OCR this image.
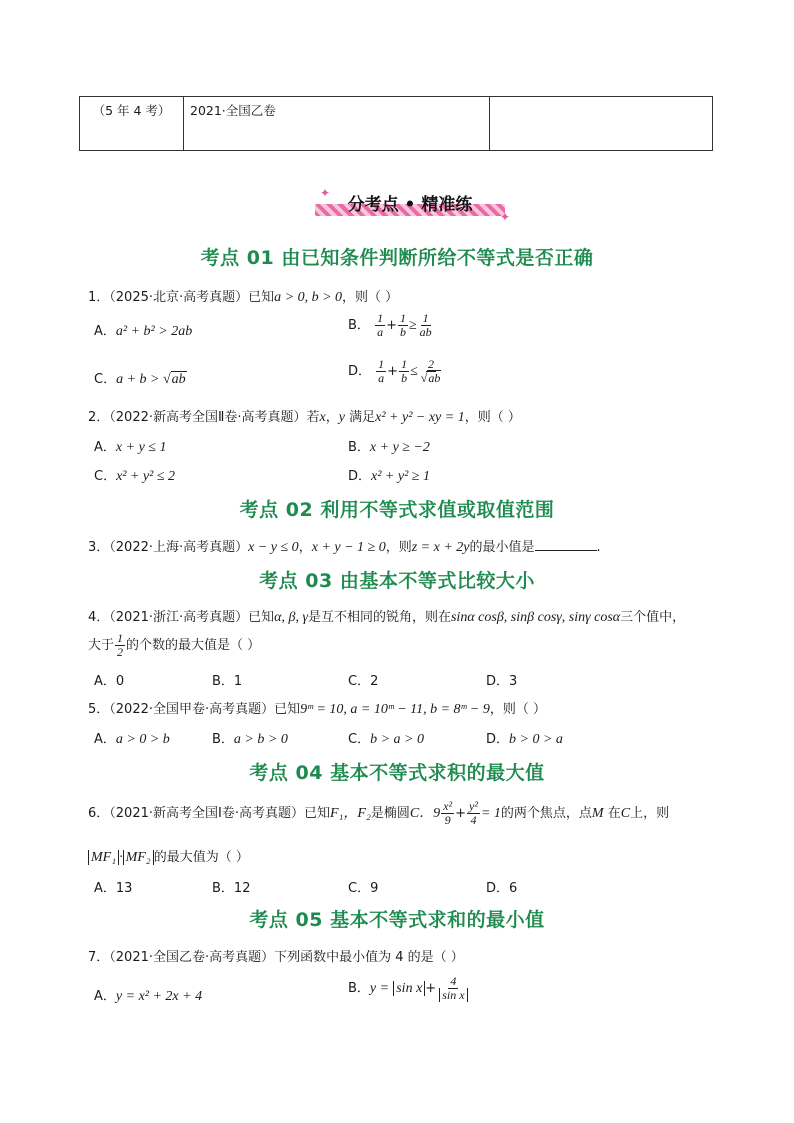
（5 年 4 考）	2021·全国乙卷
分考点 • 精准练
✦
✦
考点 01 由已知条件判断所给不等式是否正确
1．（2025·北京·高考真题）已知a > 0, b > 0，则（ ）
A．a² + b² > 2ab	B． $\frac{1}{a} + \frac{1}{b} \ge \frac{1}{ab}$
C．a + b > √ab
D． $\frac{1}{a} + \frac{1}{b} \le \frac{2}{√ab}$
2．（2022·新高考全国Ⅱ卷·高考真题）若x，y 满足x² + y² − xy = 1，则（ ）
A．x + y ≤ 1	B．x + y ≥ −2
C．x² + y² ≤ 2	D．x² + y² ≥ 1
考点 02 利用不等式求值或取值范围
3．（2022·上海·高考真题）x − y ≤ 0，x + y − 1 ≥ 0，则z = x + 2y的最小值是	.
考点 03 由基本不等式比较大小
4．（2021·浙江·高考真题）已知α, β, γ是互不相同的锐角，则在sinα cosβ, sinβ cosγ, sinγ cosα三个值中，
大于 $\frac{1}{2}$ 的个数的最大值是（ ）
A．0	B．1	C．2	D．3
5．（2022·全国甲卷·高考真题）已知9ᵐ = 10, a = 10ᵐ − 11, b = 8ᵐ − 9，则（ ）
A．a > 0 > b	B．a > b > 0	C．b > a > 0	D．b > 0 > a
考点 04 基本不等式求积的最大值
6．（2021·新高考全国Ⅰ卷·高考真题）已知F₁，F₂是椭圆C．$9 \frac{\text{x²}}{9} + \frac{\text{y²}}{4} = 1$的两个焦点，点M 在C上，则
MF₁ · MF₂ 的最大值为（ ）
A．13	B．12	C．9	D．6
考点 05 基本不等式求和的最小值
7．（2021·全国乙卷·高考真题）下列函数中最小值为 4 的是（ ）
A．y = x² + 2x + 4
B．$y = \sin x + \frac{4}{\text{sin x}}$
